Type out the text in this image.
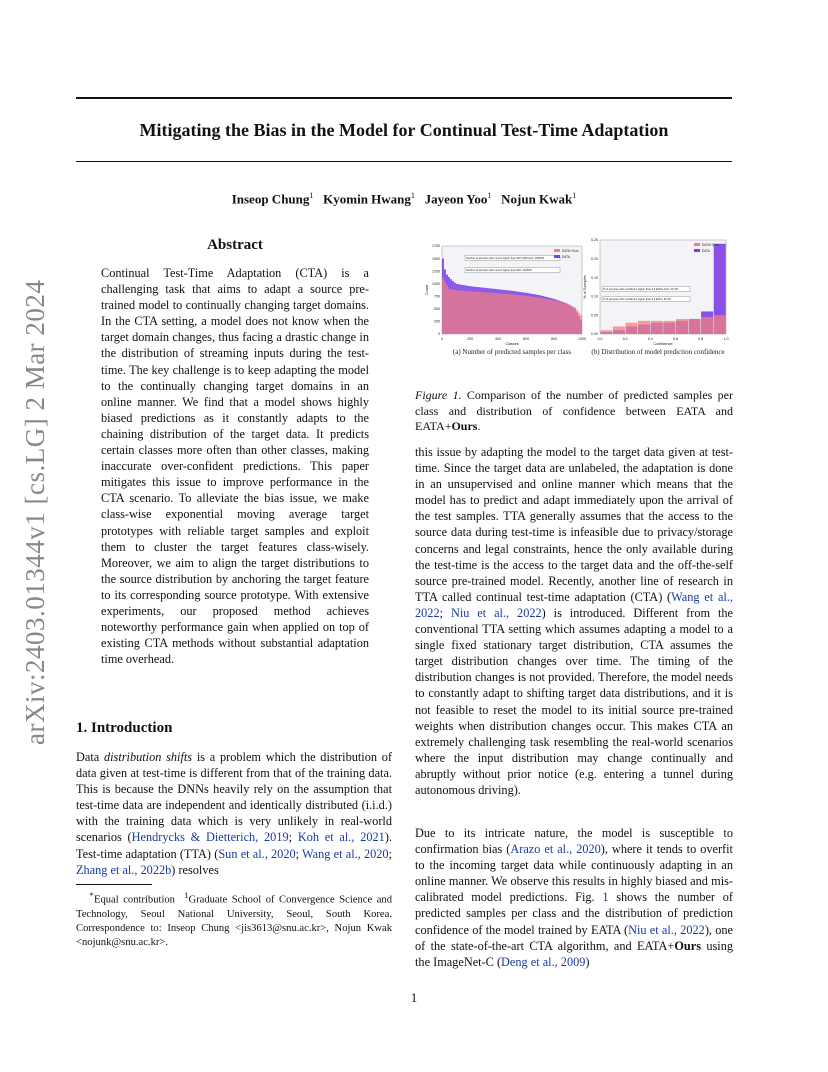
Mitigating the Bias in the Model for Continual Test-Time Adaptation
Inseop Chung$^1$ Kyomin Hwang$^1$ Jayeon Yoo$^1$ Nojun Kwak$^1$
arXiv:2403.01344v1 [cs.LG] 2 Mar 2024
Abstract
Continual Test-Time Adaptation (CTA) is a challenging task that aims to adapt a source pre-trained model to continually changing target domains. In the CTA setting, a model does not know when the target domain changes, thus facing a drastic change in the distribution of streaming inputs during the test-time. The key challenge is to keep adapting the model to the continually changing target domains in an online manner. We find that a model shows highly biased predictions as it constantly adapts to the chaining distribution of the target data. It predicts certain classes more often than other classes, making inaccurate over-confident predictions. This paper mitigates this issue to improve performance in the CTA scenario. To alleviate the bias issue, we make class-wise exponential moving average target prototypes with reliable target samples and exploit them to cluster the target features class-wisely. Moreover, we aim to align the target distributions to the source distribution by anchoring the target feature to its corresponding source prototype. With extensive experiments, our proposed method achieves noteworthy performance gain when applied on top of existing CTA methods without substantial adaptation time overhead.
1. Introduction
Data distribution shifts is a problem which the distribution of data given at test-time is different from that of the training data. This is because the DNNs heavily rely on the assumption that test-time data are independent and identically distributed (i.i.d.) with the training data which is very unlikely in real-world scenarios (Hendrycks & Dietterich, 2019; Koh et al., 2021). Test-time adaptation (TTA) (Sun et al., 2020; Wang et al., 2020; Zhang et al., 2022b) resolves
*Equal contribution $^1$Graduate School of Convergence Science and Technology, Seoul National University, Seoul, South Korea. Correspondence to: Inseop Chung <jis3613@snu.ac.kr>, Nojun Kwak <nojunk@snu.ac.kr>.
0	200	400	600	800	1000
0
250
500
750
1000
1250
1500
1750
Classes
Count
Number of samples with counts higher than 960 (50th=1/k): 299/563
Number of samples with counts higher than 960: 102/563
EATA+Ours
EATA
0.0	0.2	0.4	0.6	0.8	1.0
0.00
0.05
0.10
0.15
0.20
0.25
Confidence
% of Samples	% of samples with confidence higher than 0.9 EATA+Ours: 36.4%
% of samples with confidence higher than 0.9 EATA: 61.0%
EATA+Ours
EATA
(a) Number of predicted samples per class	(b) Distribution of model prediction confidence
Figure 1. Comparison of the number of predicted samples per class and distribution of confidence between EATA and EATA+Ours.
this issue by adapting the model to the target data given at test-time. Since the target data are unlabeled, the adaptation is done in an unsupervised and online manner which means that the model has to predict and adapt immediately upon the arrival of the test samples. TTA generally assumes that the access to the source data during test-time is infeasible due to privacy/storage concerns and legal constraints, hence the only available during the test-time is the access to the target data and the off-the-self source pre-trained model. Recently, another line of research in TTA called continual test-time adaptation (CTA) (Wang et al., 2022; Niu et al., 2022) is introduced. Different from the conventional TTA setting which assumes adapting a model to a single fixed stationary target distribution, CTA assumes the target distribution changes over time. The timing of the distribution changes is not provided. Therefore, the model needs to constantly adapt to shifting target data distributions, and it is not feasible to reset the model to its initial source pre-trained weights when distribution changes occur. This makes CTA an extremely challenging task resembling the real-world scenarios where the input distribution may change continually and abruptly without prior notice (e.g. entering a tunnel during autonomous driving).
Due to its intricate nature, the model is susceptible to confirmation bias (Arazo et al., 2020), where it tends to overfit to the incoming target data while continuously adapting in an online manner. We observe this results in highly biased and mis-calibrated model predictions. Fig. 1 shows the number of predicted samples per class and the distribution of prediction confidence of the model trained by EATA (Niu et al., 2022), one of the state-of-the-art CTA algorithm, and EATA+Ours using the ImageNet-C (Deng et al., 2009)
1
